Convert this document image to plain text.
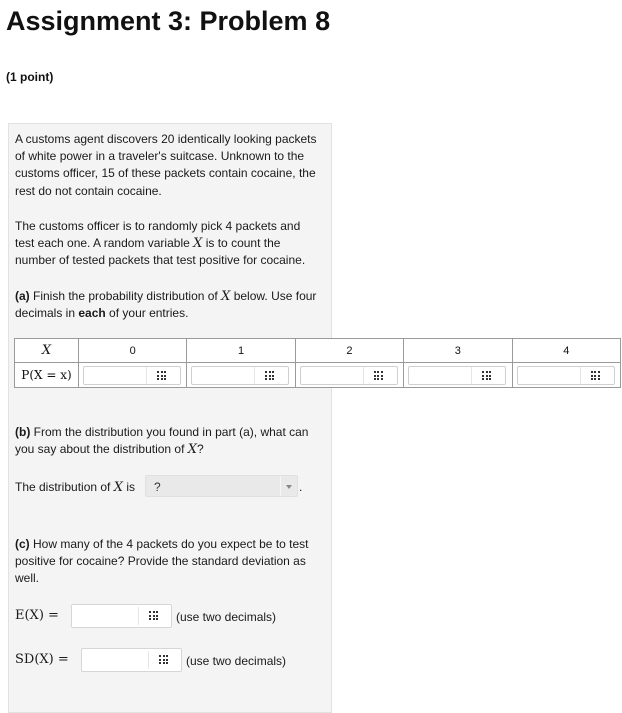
Assignment 3: Problem 8
(1 point)
A customs agent discovers 20 identically looking packets of white power in a traveler's suitcase. Unknown to the customs officer, 15 of these packets contain cocaine, the rest do not contain cocaine.
The customs officer is to randomly pick 4 packets and test each one. A random variable X is to count the number of tested packets that test positive for cocaine.
(a) Finish the probability distribution of X below. Use four decimals in each of your entries.
X	0	1	2	3	4
P(X = x)	

(b) From the distribution you found in part (a), what can you say about the distribution of X?
The distribution of X is	?	.
(c) How many of the 4 packets do you expect be to test positive for cocaine? Provide the standard deviation as well.
E(X) =	(use two decimals)
SD(X) =	(use two decimals)
